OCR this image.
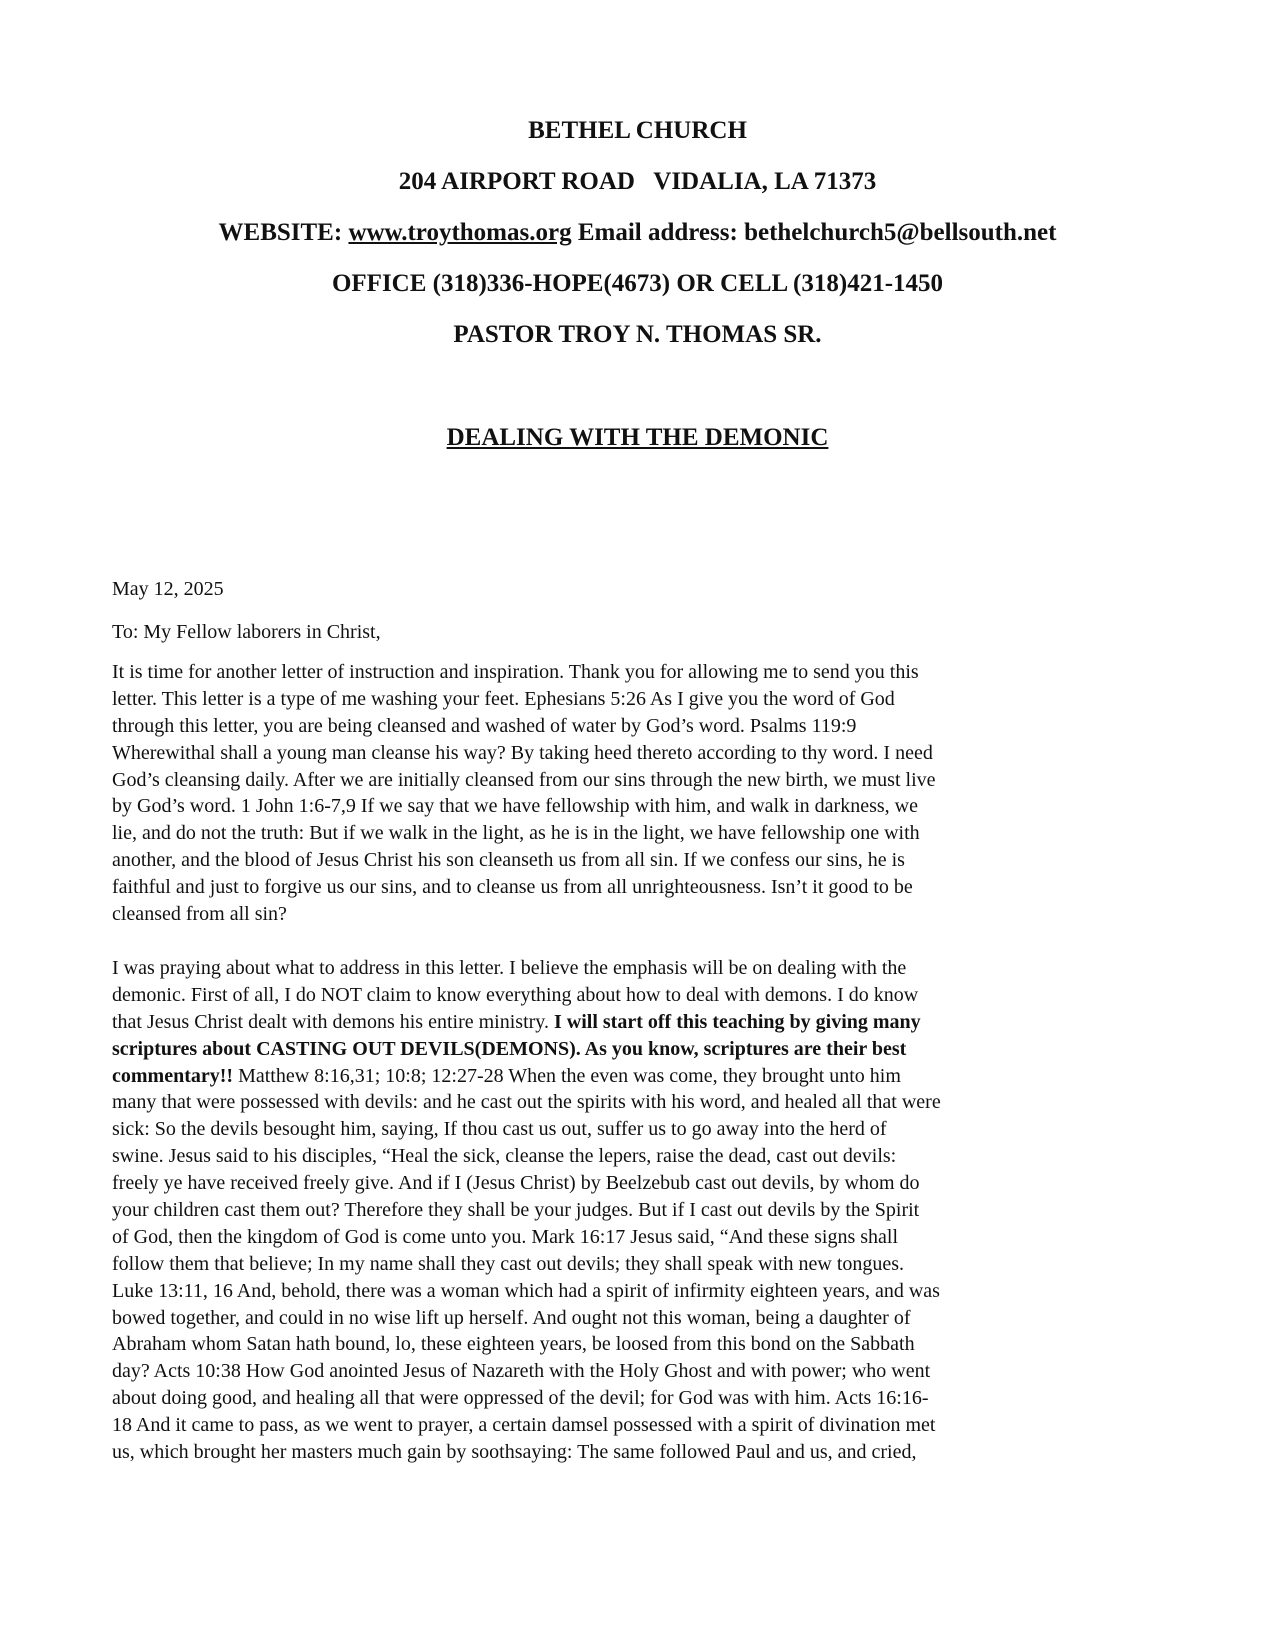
BETHEL CHURCH
204 AIRPORT ROAD   VIDALIA, LA 71373
WEBSITE: www.troythomas.org Email address: bethelchurch5@bellsouth.net
OFFICE (318)336-HOPE(4673) OR CELL (318)421-1450
PASTOR TROY N. THOMAS SR.
DEALING WITH THE DEMONIC
May 12, 2025
To: My Fellow laborers in Christ,
It is time for another letter of instruction and inspiration. Thank you for allowing me to send you this
letter. This letter is a type of me washing your feet. Ephesians 5:26 As I give you the word of God
through this letter, you are being cleansed and washed of water by God’s word. Psalms 119:9
Wherewithal shall a young man cleanse his way? By taking heed thereto according to thy word. I need
God’s cleansing daily. After we are initially cleansed from our sins through the new birth, we must live
by God’s word. 1 John 1:6-7,9 If we say that we have fellowship with him, and walk in darkness, we
lie, and do not the truth: But if we walk in the light, as he is in the light, we have fellowship one with
another, and the blood of Jesus Christ his son cleanseth us from all sin. If we confess our sins, he is
faithful and just to forgive us our sins, and to cleanse us from all unrighteousness. Isn’t it good to be
cleansed from all sin?
I was praying about what to address in this letter. I believe the emphasis will be on dealing with the
demonic. First of all, I do NOT claim to know everything about how to deal with demons. I do know
that Jesus Christ dealt with demons his entire ministry. I will start off this teaching by giving many
scriptures about CASTING OUT DEVILS(DEMONS). As you know, scriptures are their best
commentary!! Matthew 8:16,31; 10:8; 12:27-28 When the even was come, they brought unto him
many that were possessed with devils: and he cast out the spirits with his word, and healed all that were
sick: So the devils besought him, saying, If thou cast us out, suffer us to go away into the herd of
swine. Jesus said to his disciples, “Heal the sick, cleanse the lepers, raise the dead, cast out devils:
freely ye have received freely give. And if I (Jesus Christ) by Beelzebub cast out devils, by whom do
your children cast them out? Therefore they shall be your judges. But if I cast out devils by the Spirit
of God, then the kingdom of God is come unto you. Mark 16:17 Jesus said, “And these signs shall
follow them that believe; In my name shall they cast out devils; they shall speak with new tongues.
Luke 13:11, 16 And, behold, there was a woman which had a spirit of infirmity eighteen years, and was
bowed together, and could in no wise lift up herself. And ought not this woman, being a daughter of
Abraham whom Satan hath bound, lo, these eighteen years, be loosed from this bond on the Sabbath
day? Acts 10:38 How God anointed Jesus of Nazareth with the Holy Ghost and with power; who went
about doing good, and healing all that were oppressed of the devil; for God was with him. Acts 16:16-
18 And it came to pass, as we went to prayer, a certain damsel possessed with a spirit of divination met
us, which brought her masters much gain by soothsaying: The same followed Paul and us, and cried,
